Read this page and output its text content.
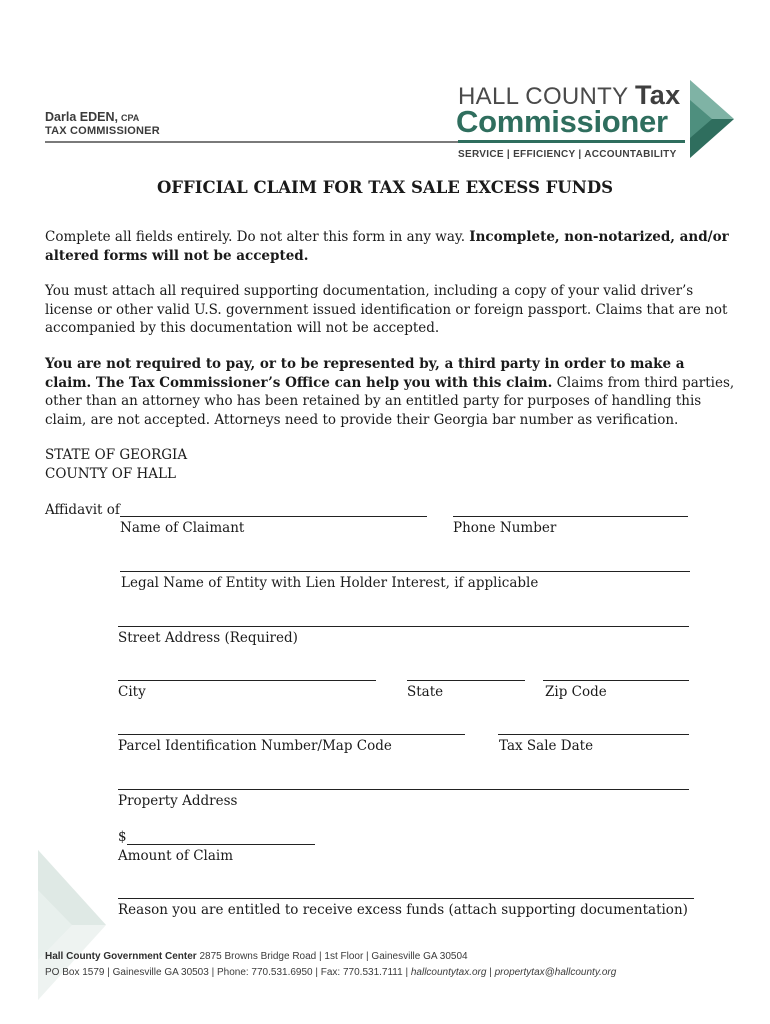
Darla EDEN, CPA
TAX COMMISSIONER
HALL COUNTY Tax
Commissioner
SERVICE | EFFICIENCY | ACCOUNTABILITY
OFFICIAL CLAIM FOR TAX SALE EXCESS FUNDS
Complete all fields entirely. Do not alter this form in any way. Incomplete, non-notarized, and/or altered forms will not be accepted.
You must attach all required supporting documentation, including a copy of your valid driver’s license or other valid U.S. government issued identification or foreign passport. Claims that are not accompanied by this documentation will not be accepted.
You are not required to pay, or to be represented by, a third party in order to make a claim. The Tax Commissioner’s Office can help you with this claim. Claims from third parties, other than an attorney who has been retained by an entitled party for purposes of handling this claim, are not accepted. Attorneys need to provide their Georgia bar number as verification.
STATE OF GEORGIA
COUNTY OF HALL
Affidavit of
Name of Claimant	Phone Number
Legal Name of Entity with Lien Holder Interest, if applicable
Street Address (Required)
City	State	Zip Code
Parcel Identification Number/Map Code	Tax Sale Date
Property Address
$
Amount of Claim
Reason you are entitled to receive excess funds (attach supporting documentation)
Hall County Government Center 2875 Browns Bridge Road | 1st Floor | Gainesville GA 30504
PO Box 1579 | Gainesville GA 30503 | Phone: 770.531.6950 | Fax: 770.531.7111 | hallcountytax.org | propertytax@hallcounty.org
